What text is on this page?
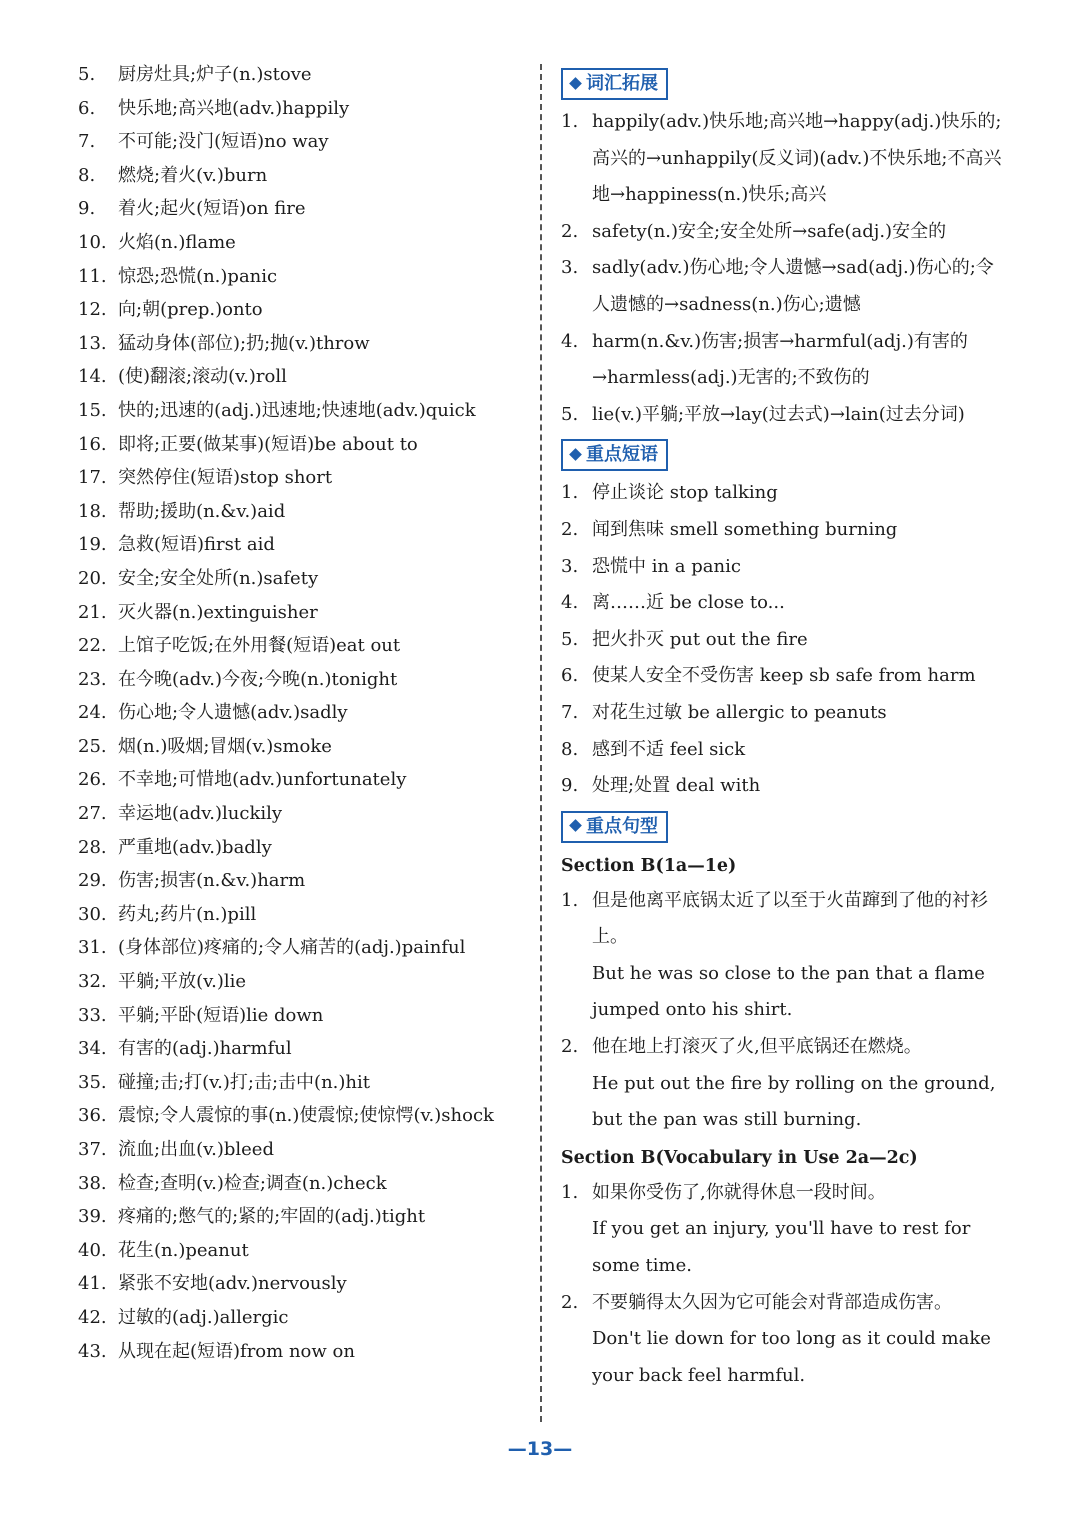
5. 厨房灶具;炉子(n.)stove
6. 快乐地;高兴地(adv.)happily
7. 不可能;没门(短语)no way
8. 燃烧;着火(v.)burn
9. 着火;起火(短语)on fire
10. 火焰(n.)flame
11. 惊恐;恐慌(n.)panic
12. 向;朝(prep.)onto
13. 猛动身体(部位);扔;抛(v.)throw
14. (使)翻滚;滚动(v.)roll
15. 快的;迅速的(adj.)迅速地;快速地(adv.)quick
16. 即将;正要(做某事)(短语)be about to
17. 突然停住(短语)stop short
18. 帮助;援助(n.&v.)aid
19. 急救(短语)first aid
20. 安全;安全处所(n.)safety
21. 灭火器(n.)extinguisher
22. 上馆子吃饭;在外用餐(短语)eat out
23. 在今晚(adv.)今夜;今晚(n.)tonight
24. 伤心地;令人遗憾(adv.)sadly
25. 烟(n.)吸烟;冒烟(v.)smoke
26. 不幸地;可惜地(adv.)unfortunately
27. 幸运地(adv.)luckily
28. 严重地(adv.)badly
29. 伤害;损害(n.&v.)harm
30. 药丸;药片(n.)pill
31. (身体部位)疼痛的;令人痛苦的(adj.)painful
32. 平躺;平放(v.)lie
33. 平躺;平卧(短语)lie down
34. 有害的(adj.)harmful
35. 碰撞;击;打(v.)打;击;击中(n.)hit
36. 震惊;令人震惊的事(n.)使震惊;使惊愕(v.)shock
37. 流血;出血(v.)bleed
38. 检查;查明(v.)检查;调查(n.)check
39. 疼痛的;憋气的;紧的;牢固的(adj.)tight
40. 花生(n.)peanut
41. 紧张不安地(adv.)nervously
42. 过敏的(adj.)allergic
43. 从现在起(短语)from now on
词汇拓展
1. happily(adv.)快乐地;高兴地→happy(adj.)快乐的;高兴的→unhappily(反义词)(adv.)不快乐地;不高兴地→happiness(n.)快乐;高兴
2. safety(n.)安全;安全处所→safe(adj.)安全的
3. sadly(adv.)伤心地;令人遗憾→sad(adj.)伤心的;令人遗憾的→sadness(n.)伤心;遗憾
4. harm(n.&v.)伤害;损害→harmful(adj.)有害的→harmless(adj.)无害的;不致伤的
5. lie(v.)平躺;平放→lay(过去式)→lain(过去分词)
重点短语
1. 停止谈论 stop talking
2. 闻到焦味 smell something burning
3. 恐慌中 in a panic
4. 离……近 be close to...
5. 把火扑灭 put out the fire
6. 使某人安全不受伤害 keep sb safe from harm
7. 对花生过敏 be allergic to peanuts
8. 感到不适 feel sick
9. 处理;处置 deal with
重点句型
Section B(1a—1e)
1. 但是他离平底锅太近了以至于火苗蹿到了他的衬衫上。
But he was so close to the pan that a flame jumped onto his shirt.
2. 他在地上打滚灭了火,但平底锅还在燃烧。
He put out the fire by rolling on the ground, but the pan was still burning.
Section B(Vocabulary in Use 2a—2c)
1. 如果你受伤了,你就得休息一段时间。
If you get an injury, you'll have to rest for some time.
2. 不要躺得太久因为它可能会对背部造成伤害。
Don't lie down for too long as it could make your back feel harmful.
—13—
